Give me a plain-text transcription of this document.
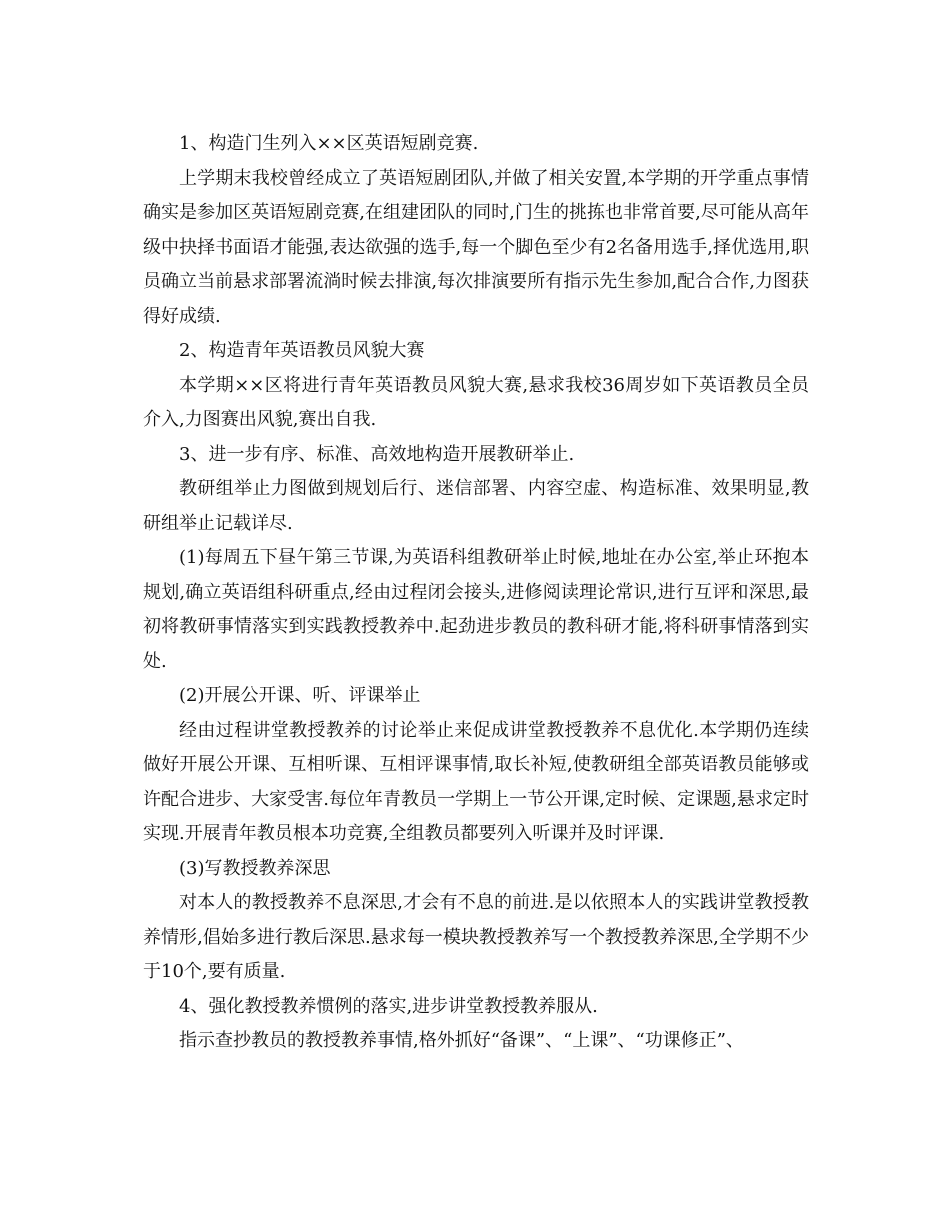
1、构造门生列入××区英语短剧竞赛.

上学期末我校曾经成立了英语短剧团队,并做了相关安置,本学期的开学重点事情确实是参加区英语短剧竞赛,在组建团队的同时,门生的挑拣也非常首要,尽可能从高年级中抉择书面语才能强,表达欲强的选手,每一个脚色至少有2名备用选手,择优选用,职员确立当前悬求部署流淌时候去排演,每次排演要所有指示先生参加,配合合作,力图获得好成绩.

2、构造青年英语教员风貌大赛

本学期××区将进行青年英语教员风貌大赛,悬求我校36周岁如下英语教员全员介入,力图赛出风貌,赛出自我.

3、进一步有序、标准、高效地构造开展教研举止.

教研组举止力图做到规划后行、迷信部署、内容空虚、构造标准、效果明显,教研组举止记载详尽.

(1)每周五下昼午第三节课,为英语科组教研举止时候,地址在办公室,举止环抱本规划,确立英语组科研重点,经由过程闭会接头,进修阅读理论常识,进行互评和深思,最初将教研事情落实到实践教授教养中.起劲进步教员的教科研才能,将科研事情落到实处.

(2)开展公开课、听、评课举止

经由过程讲堂教授教养的讨论举止来促成讲堂教授教养不息优化.本学期仍连续做好开展公开课、互相听课、互相评课事情,取长补短,使教研组全部英语教员能够或许配合进步、大家受害.每位年青教员一学期上一节公开课,定时候、定课题,悬求定时实现.开展青年教员根本功竞赛,全组教员都要列入听课并及时评课.

(3)写教授教养深思

对本人的教授教养不息深思,才会有不息的前进.是以依照本人的实践讲堂教授教养情形,倡始多进行教后深思.悬求每一模块教授教养写一个教授教养深思,全学期不少于10个,要有质量.

4、强化教授教养惯例的落实,进步讲堂教授教养服从.

指示查抄教员的教授教养事情,格外抓好“备课”、“上课”、“功课修正”、
